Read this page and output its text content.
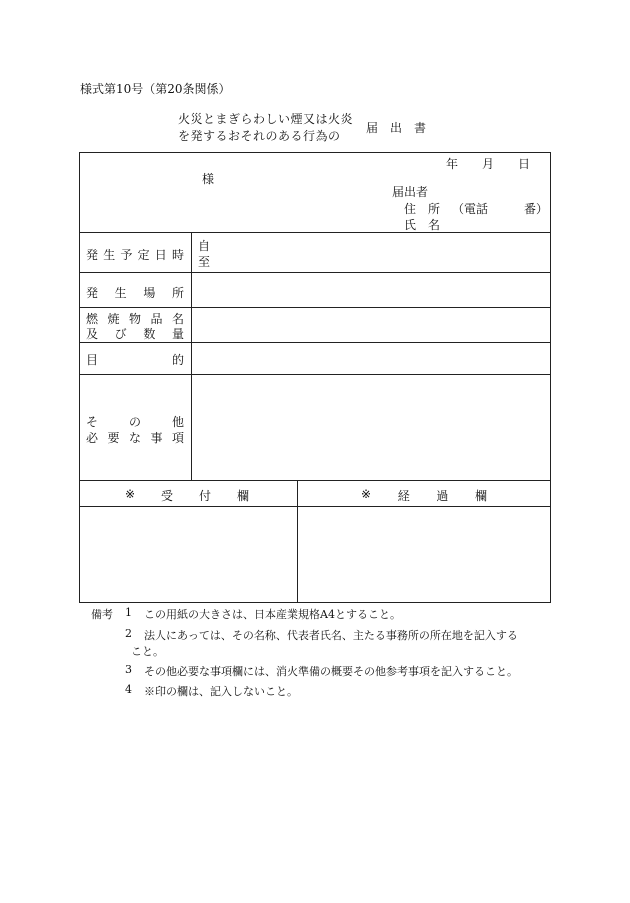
様式第10号（第20条関係）
火災とまぎらわしい煙又は火炎
を発するおそれのある行為の
届　出　書
年　　月　　日
様
届出者
住　所 （電話　　　番）
氏　名
発 生 予 定 日 時
自
至
発 生 場 所
燃 焼 物 品 名
及 び 数 量
目	的
そ	の	他
必 要 な 事 項
※ 受 付 欄	※ 経 過 欄
備考 1 この用紙の大きさは、日本産業規格A4とすること。
2 法人にあっては、その名称、代表者氏名、主たる事務所の所在地を記入する
こと。
3 その他必要な事項欄には、消火準備の概要その他参考事項を記入すること。
4 ※印の欄は、記入しないこと。
